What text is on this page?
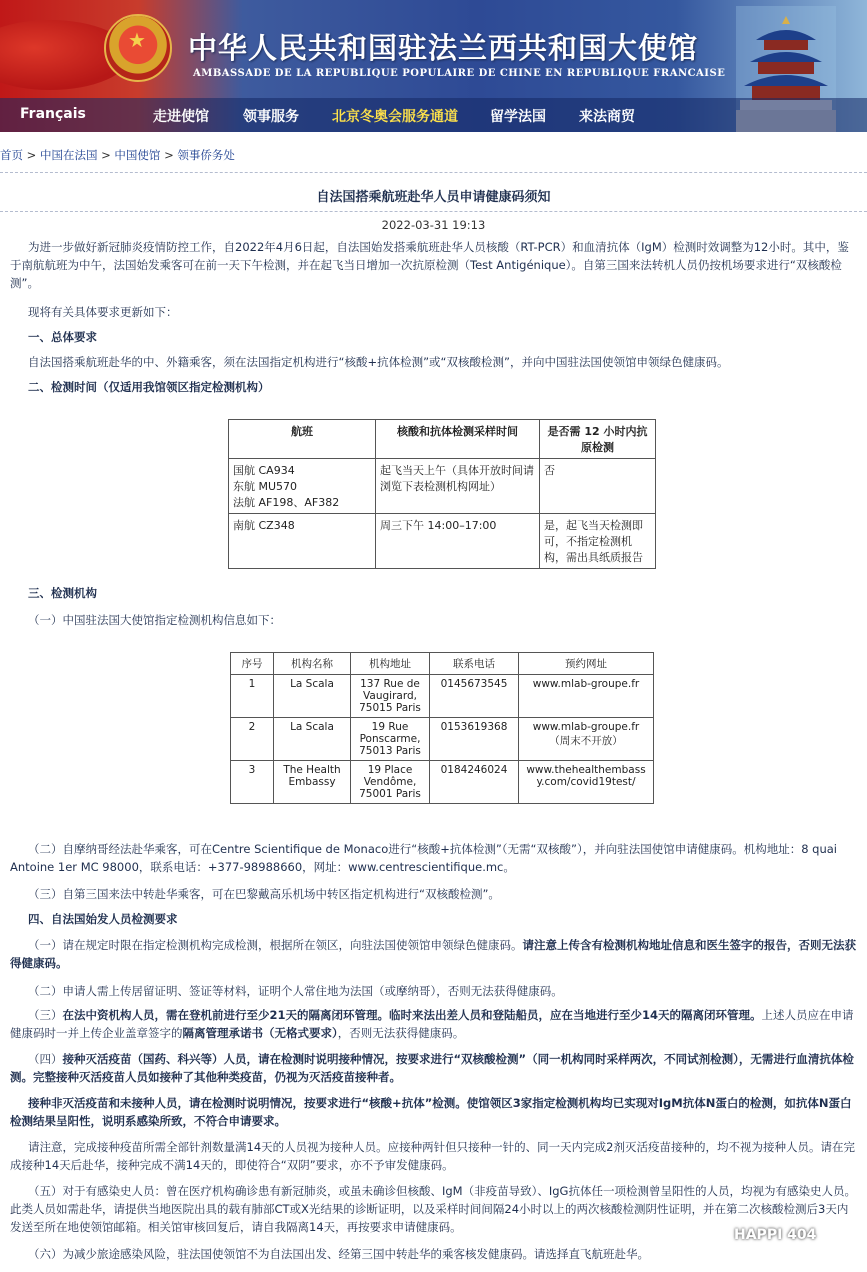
★ 中华人民共和国驻法兰西共和国大使馆
AMBASSADE DE LA REPUBLIQUE POPULAIRE DE CHINE EN REPUBLIQUE FRANCAISE
Français	走进使馆 领事服务 北京冬奥会服务通道 留学法国 来法商贸
首页 > 中国在法国 > 中国使馆 > 领事侨务处
自法国搭乘航班赴华人员申请健康码须知
2022-03-31 19:13
为进一步做好新冠肺炎疫情防控工作，自2022年4月6日起，自法国始发搭乘航班赴华人员核酸（RT-PCR）和血清抗体（IgM）检测时效调整为12小时。其中，鉴于南航航班为中午，法国始发乘客可在前一天下午检测，并在起飞当日增加一次抗原检测（Test Antigénique）。自第三国来法转机人员仍按机场要求进行“双核酸检测”。
现将有关具体要求更新如下：
一、总体要求
自法国搭乘航班赴华的中、外籍乘客，须在法国指定机构进行“核酸+抗体检测”或“双核酸检测”，并向中国驻法国使领馆申领绿色健康码。
二、检测时间（仅适用我馆领区指定检测机构）
航班	核酸和抗体检测采样时间	是否需 12 小时内抗原检测

国航 CA934
东航 MU570
法航 AF198、AF382	起飞当天上午（具体开放时间请浏览下表检测机构网址）	否

南航 CZ348	周三下午 14:00–17:00	是，起飞当天检测即可，不指定检测机构，需出具纸质报告
三、检测机构
（一）中国驻法国大使馆指定检测机构信息如下：
序号	机构名称	机构地址	联系电话	预约网址
1	La Scala	137 Rue de Vaugirard, 75015 Paris	0145673545	www.mlab-groupe.fr
2	La Scala	19 Rue Ponscarme, 75013 Paris	0153619368	www.mlab-groupe.fr（周末不开放）
3	The Health Embassy	19 Place Vendôme, 75001 Paris	0184246024	www.thehealthembassy.com/covid19test/
（二）自摩纳哥经法赴华乘客，可在Centre Scientifique de Monaco进行“核酸+抗体检测”（无需“双核酸”），并向驻法国使馆申请健康码。机构地址：8 quai Antoine 1er MC 98000，联系电话：+377-98988660，网址：www.centrescientifique.mc。
（三）自第三国来法中转赴华乘客，可在巴黎戴高乐机场中转区指定机构进行“双核酸检测”。
四、自法国始发人员检测要求
（一）请在规定时限在指定检测机构完成检测，根据所在领区，向驻法国使领馆申领绿色健康码。请注意上传含有检测机构地址信息和医生签字的报告，否则无法获得健康码。
（二）申请人需上传居留证明、签证等材料，证明个人常住地为法国（或摩纳哥），否则无法获得健康码。
（三）在法中资机构人员，需在登机前进行至少21天的隔离闭环管理。临时来法出差人员和登陆船员，应在当地进行至少14天的隔离闭环管理。上述人员应在申请健康码时一并上传企业盖章签字的隔离管理承诺书（无格式要求），否则无法获得健康码。
（四）接种灭活疫苗（国药、科兴等）人员，请在检测时说明接种情况，按要求进行“双核酸检测”（同一机构同时采样两次，不同试剂检测），无需进行血清抗体检测。完整接种灭活疫苗人员如接种了其他种类疫苗，仍视为灭活疫苗接种者。
接种非灭活疫苗和未接种人员，请在检测时说明情况，按要求进行“核酸+抗体”检测。使馆领区3家指定检测机构均已实现对IgM抗体N蛋白的检测，如抗体N蛋白检测结果呈阳性，说明系感染所致，不符合申请要求。
请注意，完成接种疫苗所需全部针剂数量满14天的人员视为接种人员。应接种两针但只接种一针的、同一天内完成2剂灭活疫苗接种的，均不视为接种人员。请在完成接种14天后赴华，接种完成不满14天的，即使符合“双阴”要求，亦不予审发健康码。
（五）对于有感染史人员：曾在医疗机构确诊患有新冠肺炎，或虽未确诊但核酸、IgM（非疫苗导致）、IgG抗体任一项检测曾呈阳性的人员，均视为有感染史人员。此类人员如需赴华，请提供当地医院出具的载有肺部CT或X光结果的诊断证明，以及采样时间间隔24小时以上的两次核酸检测阴性证明，并在第二次核酸检测后3天内发送至所在地使领馆邮箱。相关馆审核回复后，请自我隔离14天，再按要求申请健康码。
（六）为减少旅途感染风险，驻法国使领馆不为自法国出发、经第三国中转赴华的乘客核发健康码。请选择直飞航班赴华。
HAPPI 404
